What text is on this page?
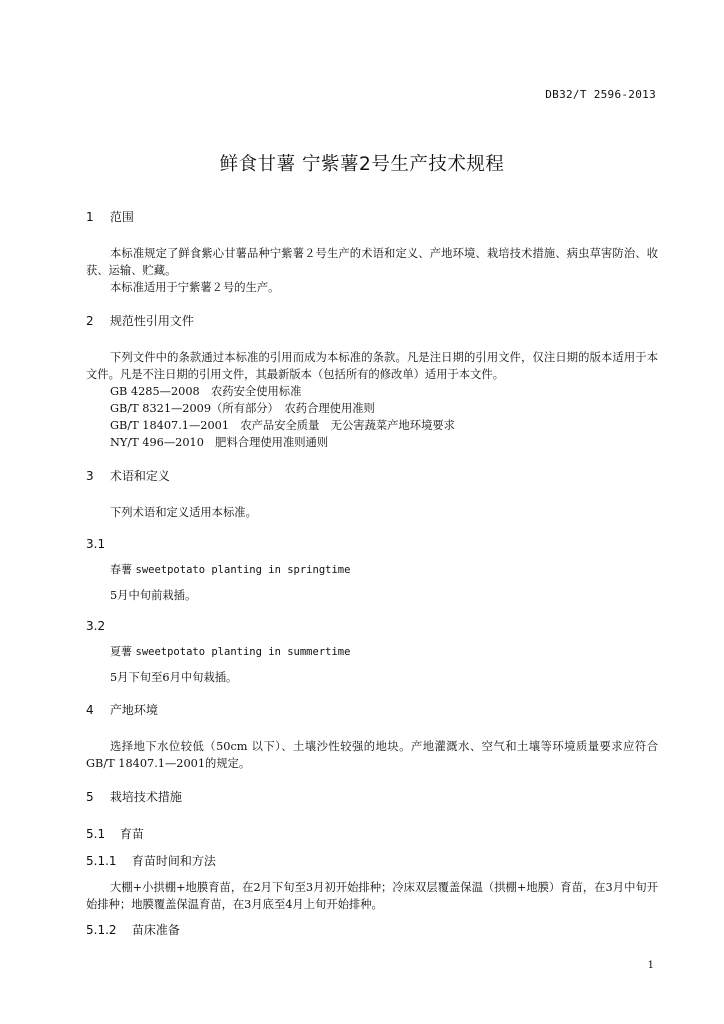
DB32/T 2596-2013
鲜食甘薯 宁紫薯2号生产技术规程
1 范围

本标准规定了鲜食紫心甘薯品种宁紫薯２号生产的术语和定义、产地环境、栽培技术措施、病虫草害防治、收获、运输、贮藏。

本标准适用于宁紫薯２号的生产。

2 规范性引用文件

下列文件中的条款通过本标准的引用而成为本标准的条款。凡是注日期的引用文件，仅注日期的版本适用于本文件。凡是不注日期的引用文件，其最新版本（包括所有的修改单）适用于本文件。

GB 4285—2008　农药安全使用标准
GB/T 8321—2009（所有部分）　农药合理使用准则
GB/T 18407.1—2001　农产品安全质量　无公害蔬菜产地环境要求
NY/T 496—2010　肥料合理使用准则通则
3 术语和定义

下列术语和定义适用本标准。

3.1
春薯 sweetpotato planting in springtime

5月中旬前栽插。

3.2
夏薯 sweetpotato planting in summertime

5月下旬至6月中旬栽插。

4 产地环境

选择地下水位较低（50cm 以下）、土壤沙性较强的地块。产地灌溉水、空气和土壤等环境质量要求应符合GB/T 18407.1—2001的规定。

5 栽培技术措施
5.1 育苗
5.1.1 育苗时间和方法

大棚+小拱棚+地膜育苗，在2月下旬至3月初开始排种；冷床双层覆盖保温（拱棚+地膜）育苗，在3月中旬开始排种；地膜覆盖保温育苗，在3月底至4月上旬开始排种。

5.1.2 苗床准备
1
